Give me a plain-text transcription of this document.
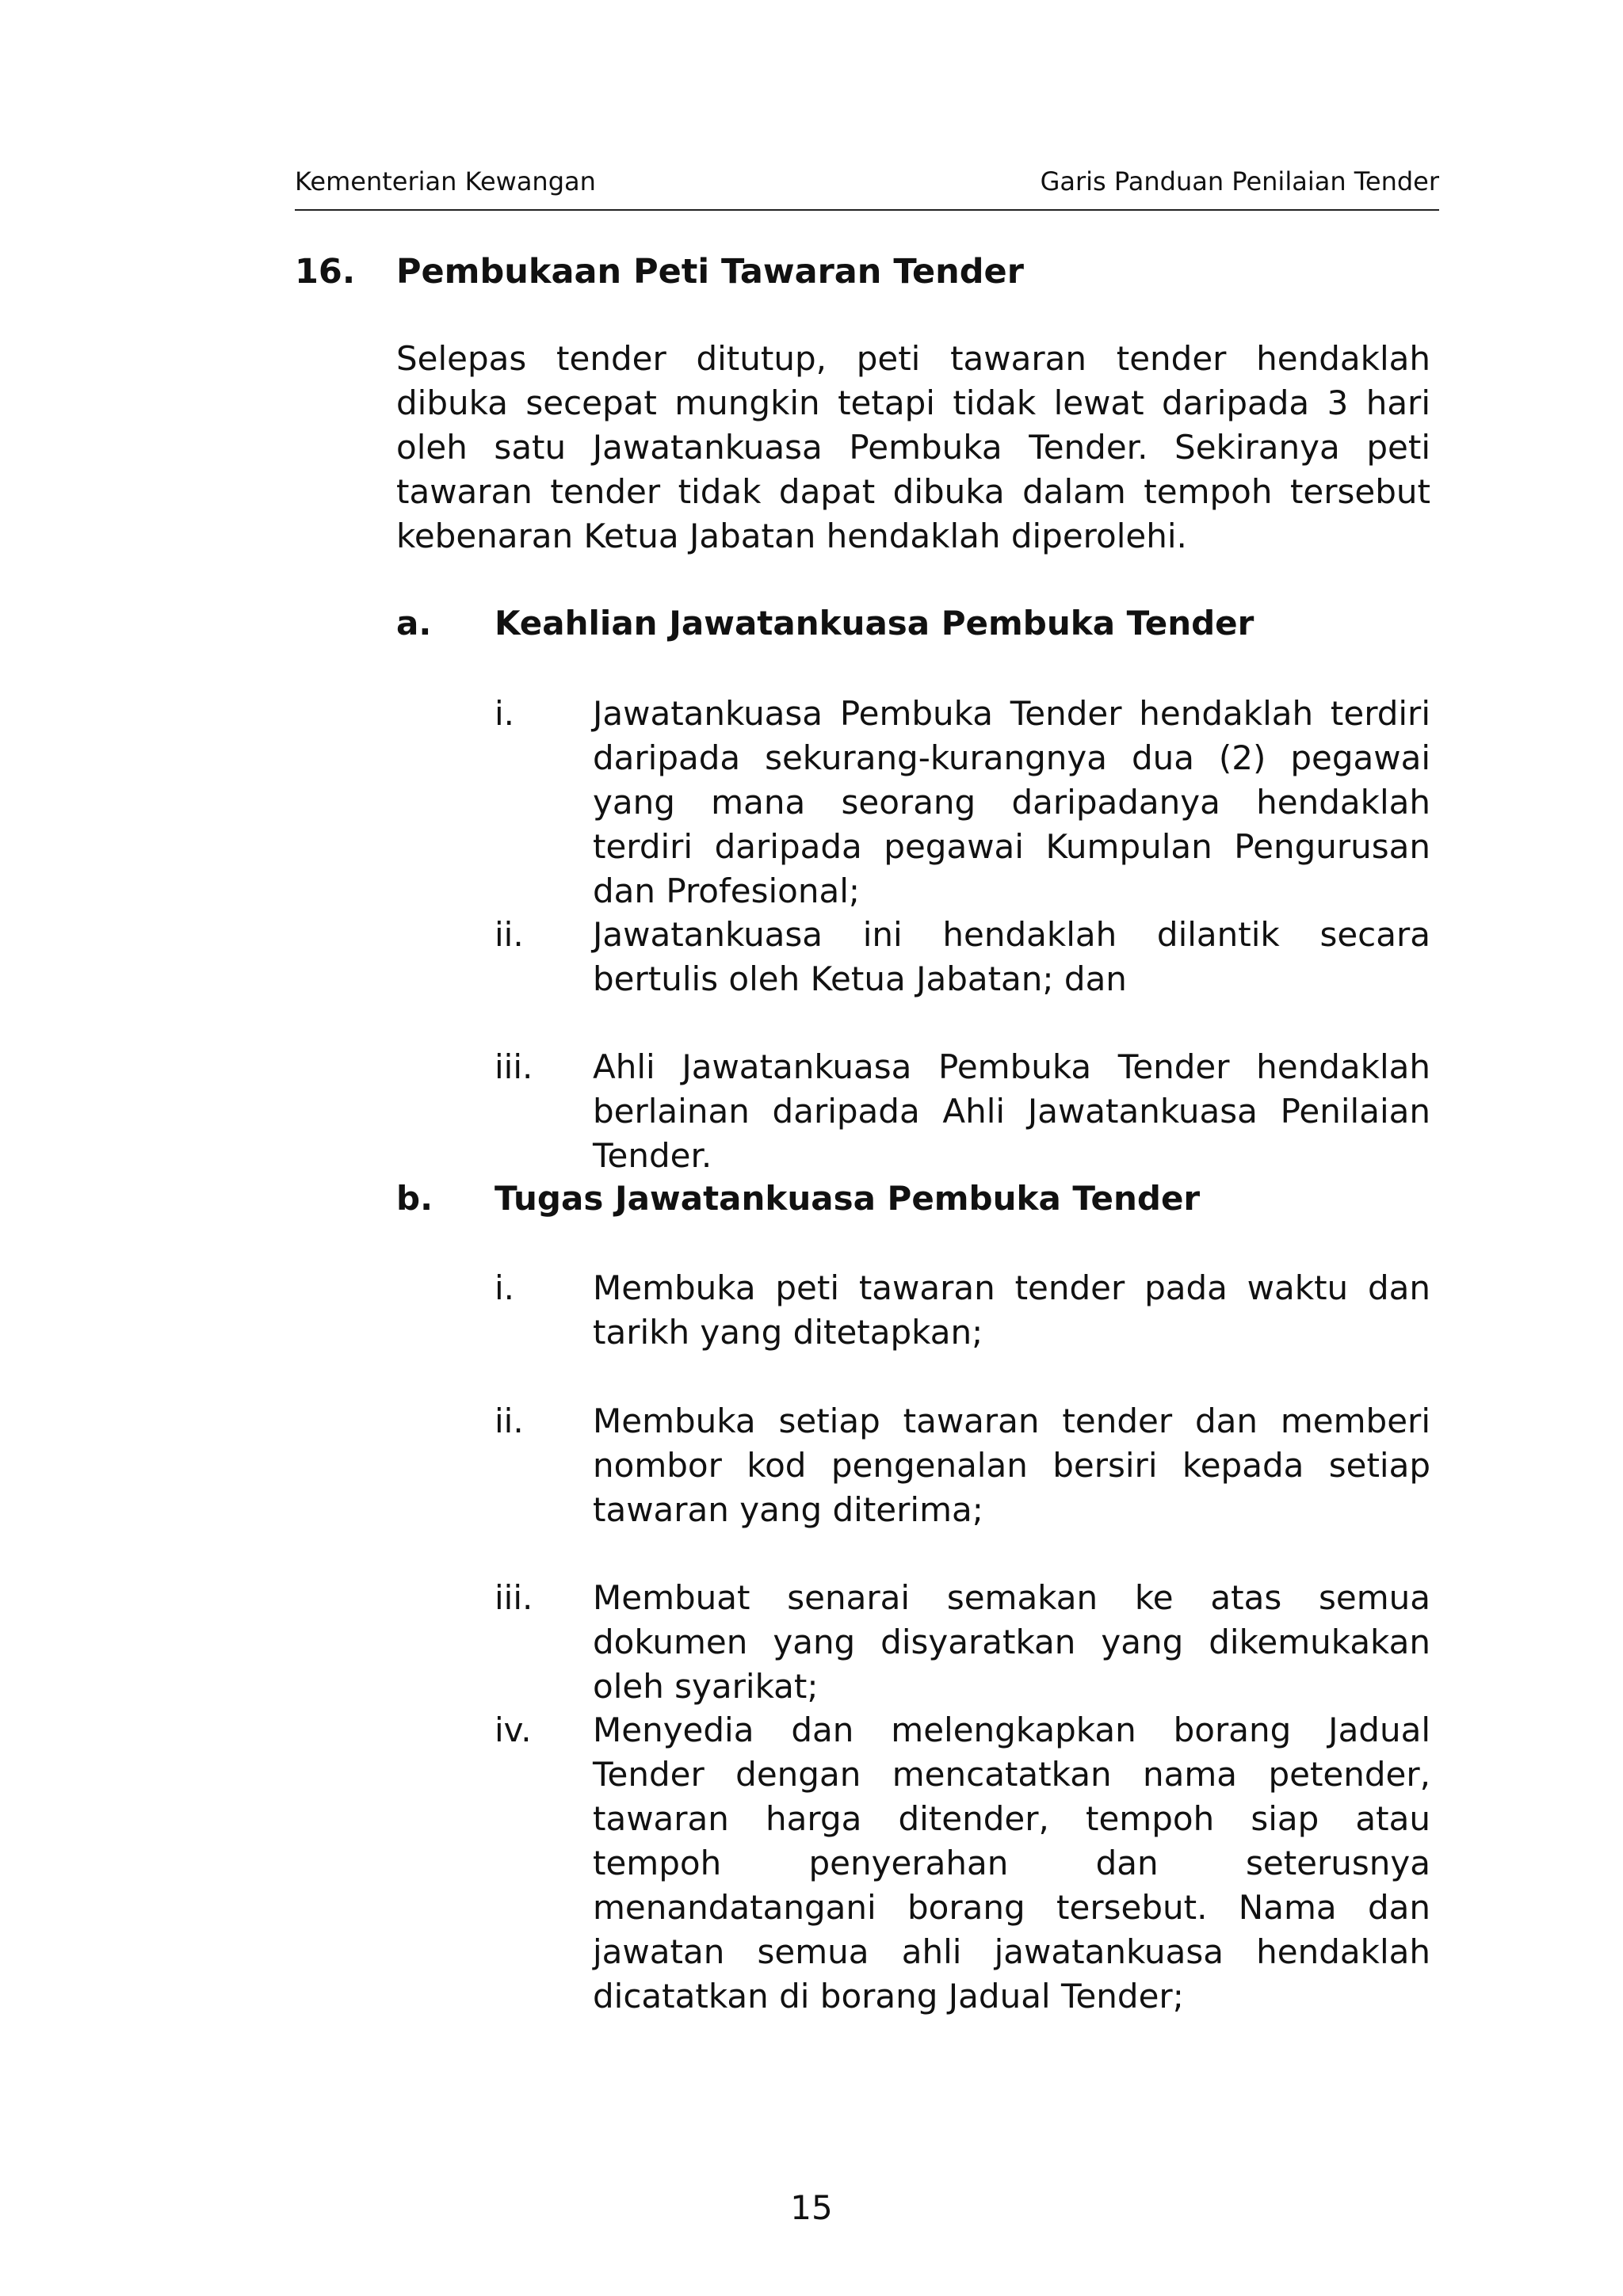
Kementerian Kewangan	Garis Panduan Penilaian Tender
16. Pembukaan Peti Tawaran Tender
Selepas tender ditutup, peti tawaran tender hendaklah dibuka secepat mungkin tetapi tidak lewat daripada 3 hari oleh satu Jawatankuasa Pembuka Tender. Sekiranya peti tawaran tender tidak dapat dibuka dalam tempoh tersebut kebenaran Ketua Jabatan hendaklah diperolehi.
a. Keahlian Jawatankuasa Pembuka Tender
i. Jawatankuasa Pembuka Tender hendaklah terdiri daripada sekurang-kurangnya dua (2) pegawai yang mana seorang daripadanya hendaklah terdiri daripada pegawai Kumpulan Pengurusan dan Profesional;
ii. Jawatankuasa ini hendaklah dilantik secara bertulis oleh Ketua Jabatan; dan
iii. Ahli Jawatankuasa Pembuka Tender hendaklah berlainan daripada Ahli Jawatankuasa Penilaian Tender.
b. Tugas Jawatankuasa Pembuka Tender
i. Membuka peti tawaran tender pada waktu dan tarikh yang ditetapkan;
ii. Membuka setiap tawaran tender dan memberi nombor kod pengenalan bersiri kepada setiap tawaran yang diterima;
iii. Membuat senarai semakan ke atas semua dokumen yang disyaratkan yang dikemukakan oleh syarikat;
iv. Menyedia dan melengkapkan borang Jadual Tender dengan mencatatkan nama petender, tawaran harga ditender, tempoh siap atau tempoh penyerahan dan seterusnya menandatangani borang tersebut. Nama dan jawatan semua ahli jawatankuasa hendaklah dicatatkan di borang Jadual Tender;
15
